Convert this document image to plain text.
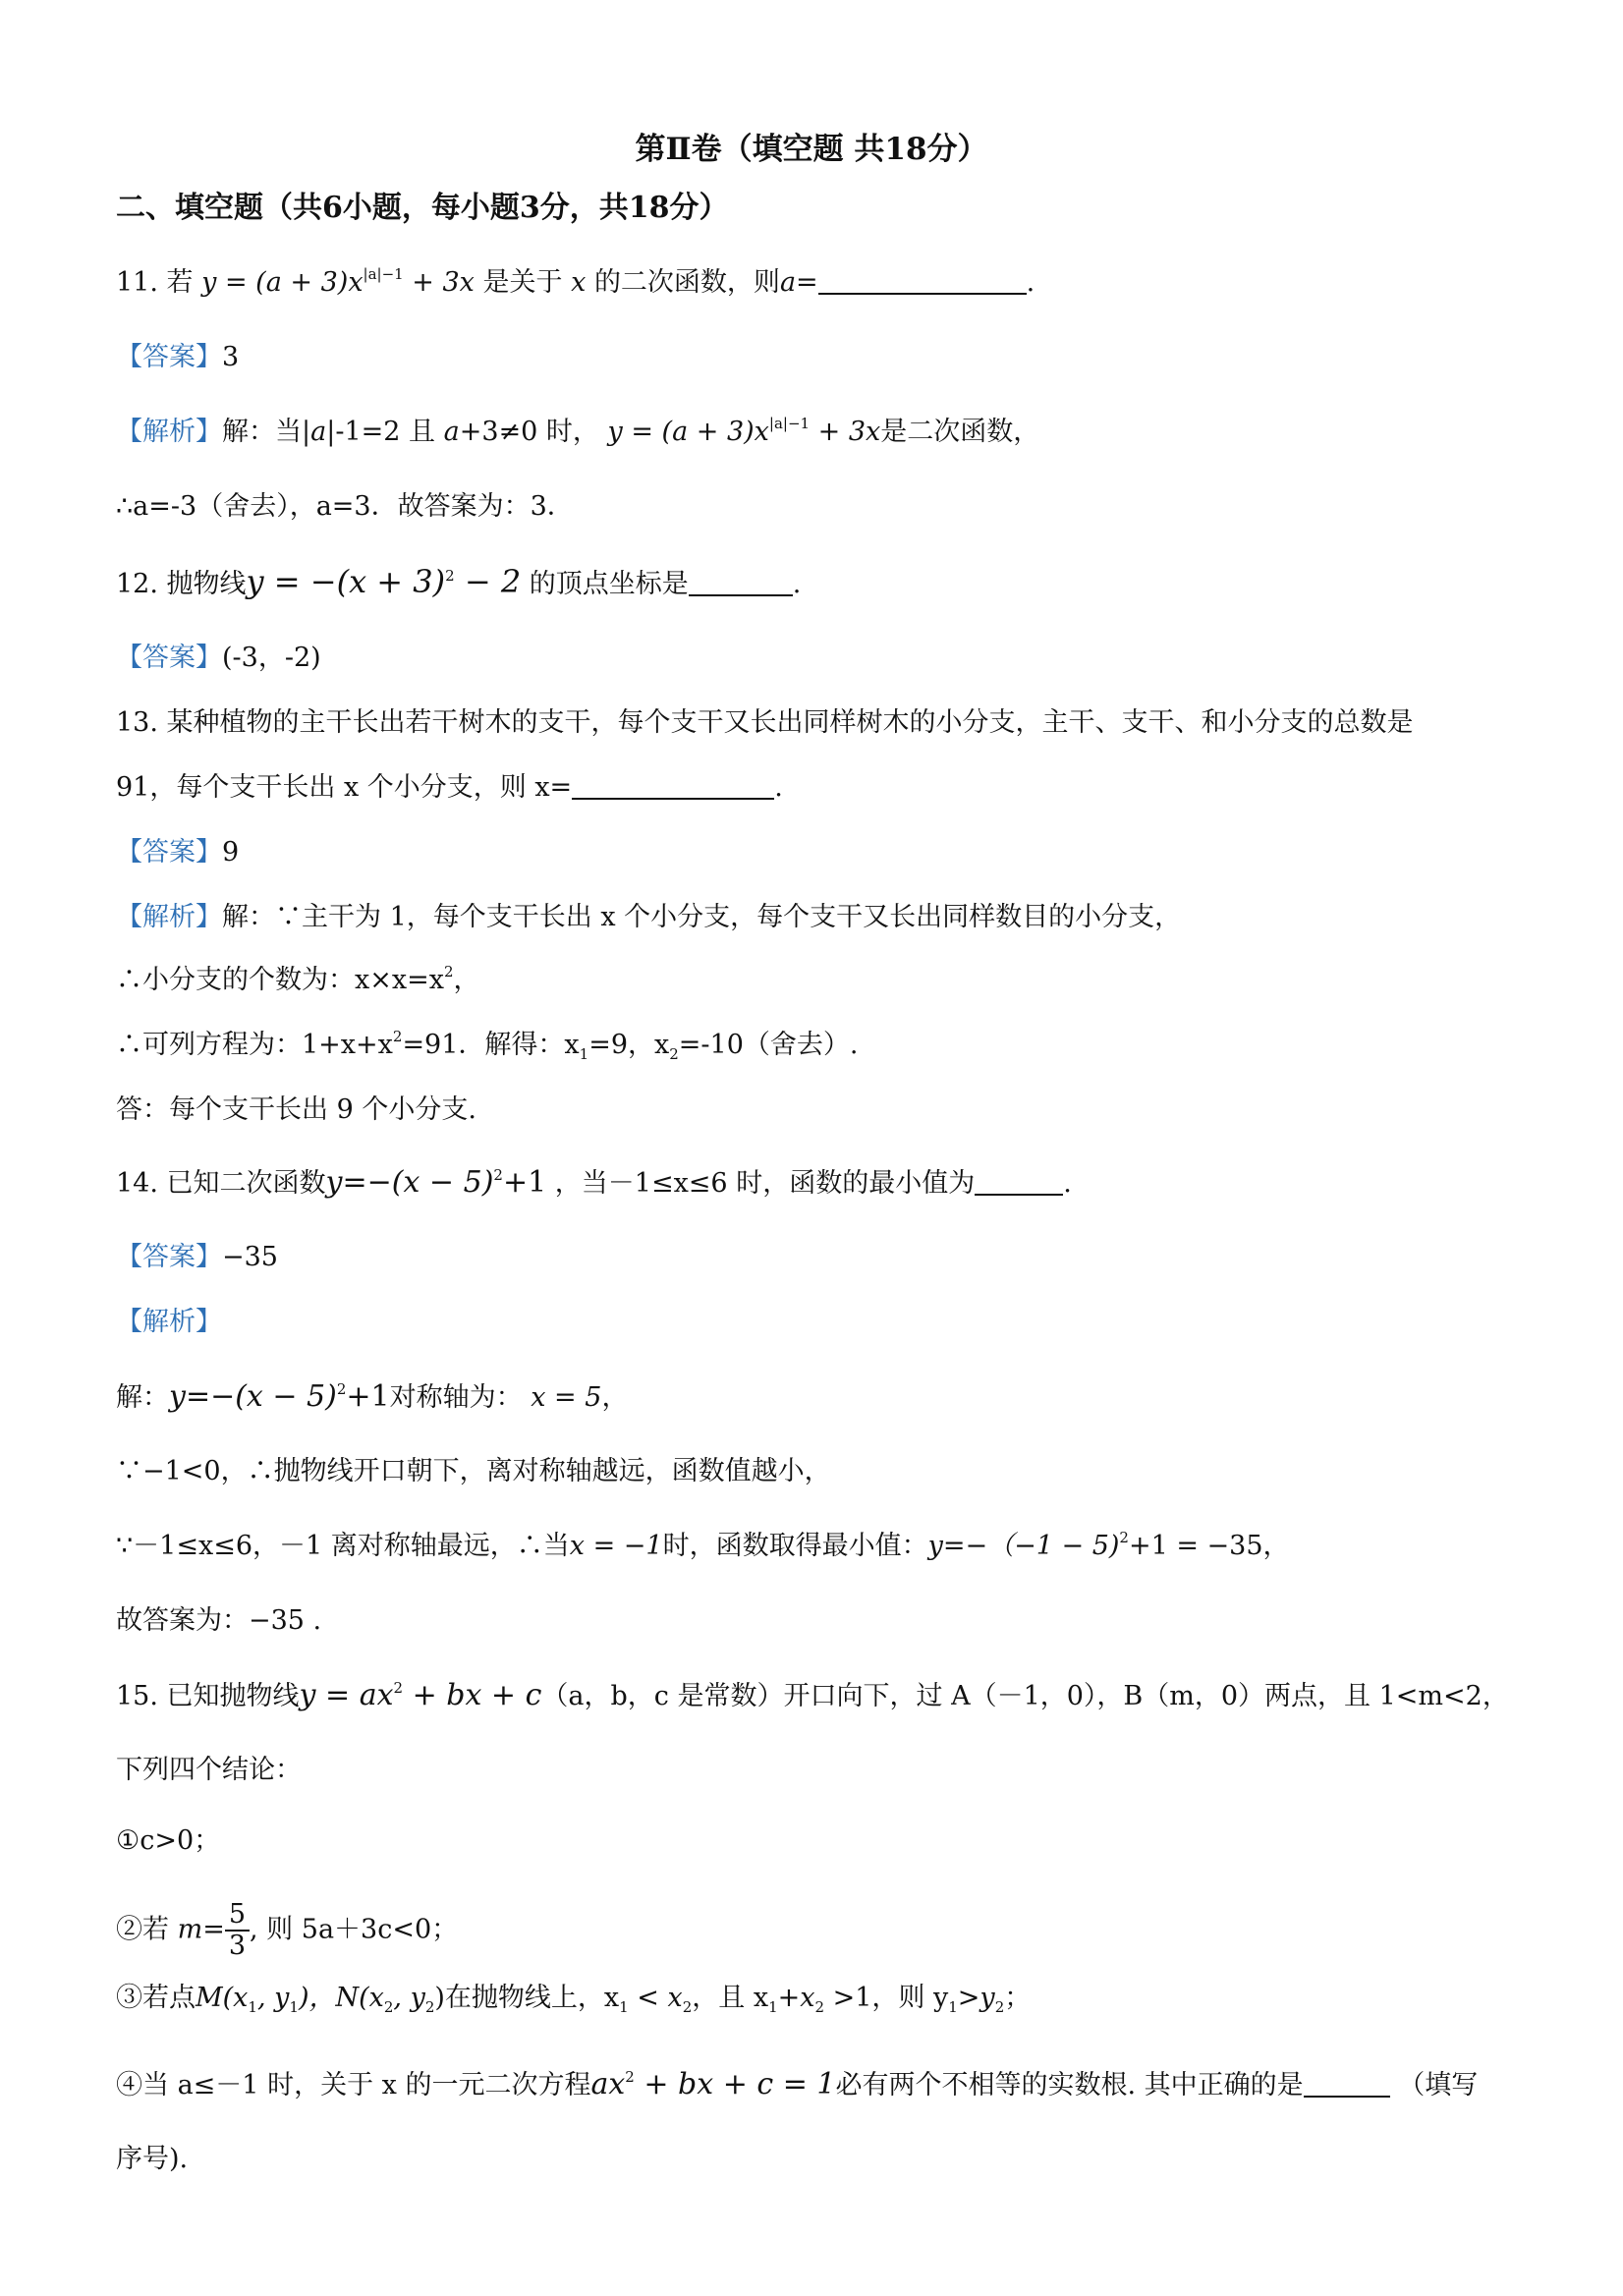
第Ⅱ卷（填空题 共18分）
二、填空题（共6小题，每小题3分，共18分）
11. 若 $y = (a + 3)x^{|a|-1} + 3x$ 是关于 x 的二次函数，则a=	.
【答案】3
【解析】解：当|a|-1=2 且 a+3≠0 时， $y = (a + 3)x^{|a|-1} + 3x$是二次函数，
∴a=-3（舍去），a=3．故答案为：3．
12. 抛物线$y = -(x + 3)^2 - 2$ 的顶点坐标是	.
【答案】(-3，-2)
13. 某种植物的主干长出若干树木的支干，每个支干又长出同样树木的小分支，主干、支干、和小分支的总数是
91，每个支干长出 x 个小分支，则 x=	.
【答案】9
【解析】解：∵主干为 1，每个支干长出 x 个小分支，每个支干又长出同样数目的小分支，
∴小分支的个数为：$x\times x=x^2$，
∴可列方程为：$1+x+x^2=91$．解得：$x_1=9$，$x_2=-10$（舍去）.
答：每个支干长出 9 个小分支.
14. 已知二次函数$y=-(x - 5)^2+1$ ，当－1≤x≤6 时，函数的最小值为	.
【答案】−35
【解析】
解：$y=-(x - 5)^2+1$对称轴为： x = 5，
∵−1<0，∴抛物线开口朝下，离对称轴越远，函数值越小，
∵－1≤x≤6，－1 离对称轴最远，∴当x = −1时，函数取得最小值：y=−（−1 − 5)$^2$+1 = −35，
故答案为：−35 .
15. 已知抛物线$y = ax^2$ + bx + c（a，b，c 是常数）开口向下，过 A（－1，0），B（m，0）两点，且 1<m<2，
下列四个结论：
①c>0；
②若 $m= \frac{5}{3}$ , 则 5a＋3c<0；
③若点$M(x_1$, $y_1$)，$N(x_2$, $y_2$)在抛物线上，$x_1 < x_2$，且 $x_1+x_2 >1$，则 $y_1>y_2$；
④当 a≤－1 时，关于 x 的一元二次方程$ax^2$ + bx + c = 1必有两个不相等的实数根. 其中正确的是	（填写
序号).
